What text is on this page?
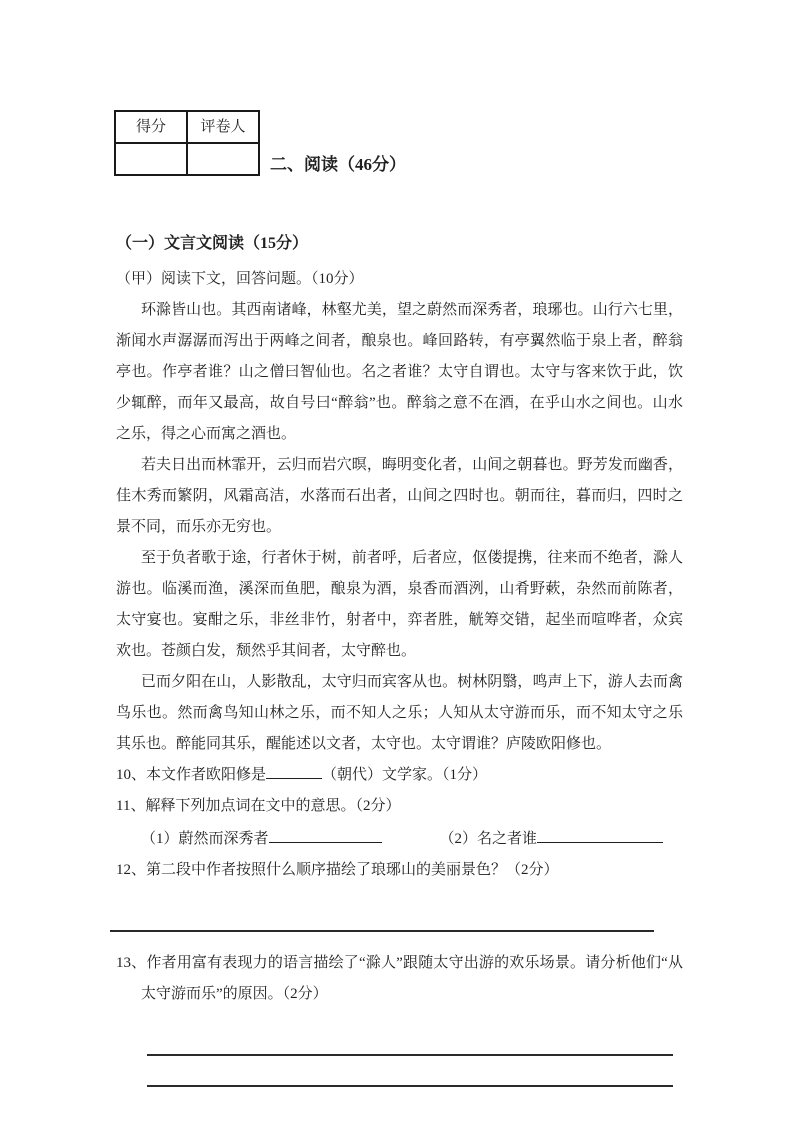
得分	评卷人

二、阅读（46分）
（一）文言文阅读（15分）
（甲）阅读下文，回答问题。（10分）

环滁皆山也。其西南诸峰，林壑尤美，望之蔚然而深秀者，琅琊也。山行六七里，渐闻水声潺潺而泻出于两峰之间者，酿泉也。峰回路转，有亭翼然临于泉上者，醉翁亭也。作亭者谁？山之僧曰智仙也。名之者谁？太守自谓也。太守与客来饮于此，饮少辄醉，而年又最高，故自号曰“醉翁”也。醉翁之意不在酒，在乎山水之间也。山水之乐，得之心而寓之酒也。

若夫日出而林霏开，云归而岩穴暝，晦明变化者，山间之朝暮也。野芳发而幽香，佳木秀而繁阴，风霜高洁，水落而石出者，山间之四时也。朝而往，暮而归，四时之景不同，而乐亦无穷也。

至于负者歌于途，行者休于树，前者呼，后者应，伛偻提携，往来而不绝者，滁人游也。临溪而渔，溪深而鱼肥，酿泉为酒，泉香而酒洌，山肴野蔌，杂然而前陈者，太守宴也。宴酣之乐，非丝非竹，射者中，弈者胜，觥筹交错，起坐而喧哗者，众宾欢也。苍颜白发，颓然乎其间者，太守醉也。

已而夕阳在山，人影散乱，太守归而宾客从也。树林阴翳，鸣声上下，游人去而禽鸟乐也。然而禽鸟知山林之乐，而不知人之乐；人知从太守游而乐，而不知太守之乐其乐也。醉能同其乐，醒能述以文者，太守也。太守谓谁？庐陵欧阳修也。

10、本文作者欧阳修是	（朝代）文学家。（1分）
11、解释下列加点词在文中的意思。（2分）
（1）蔚然而深秀者	（2）名之者谁
12、第二段中作者按照什么顺序描绘了琅琊山的美丽景色？（2分）
13、作者用富有表现力的语言描绘了“滁人”跟随太守出游的欢乐场景。请分析他们“从太守游而乐”的原因。（2分）
